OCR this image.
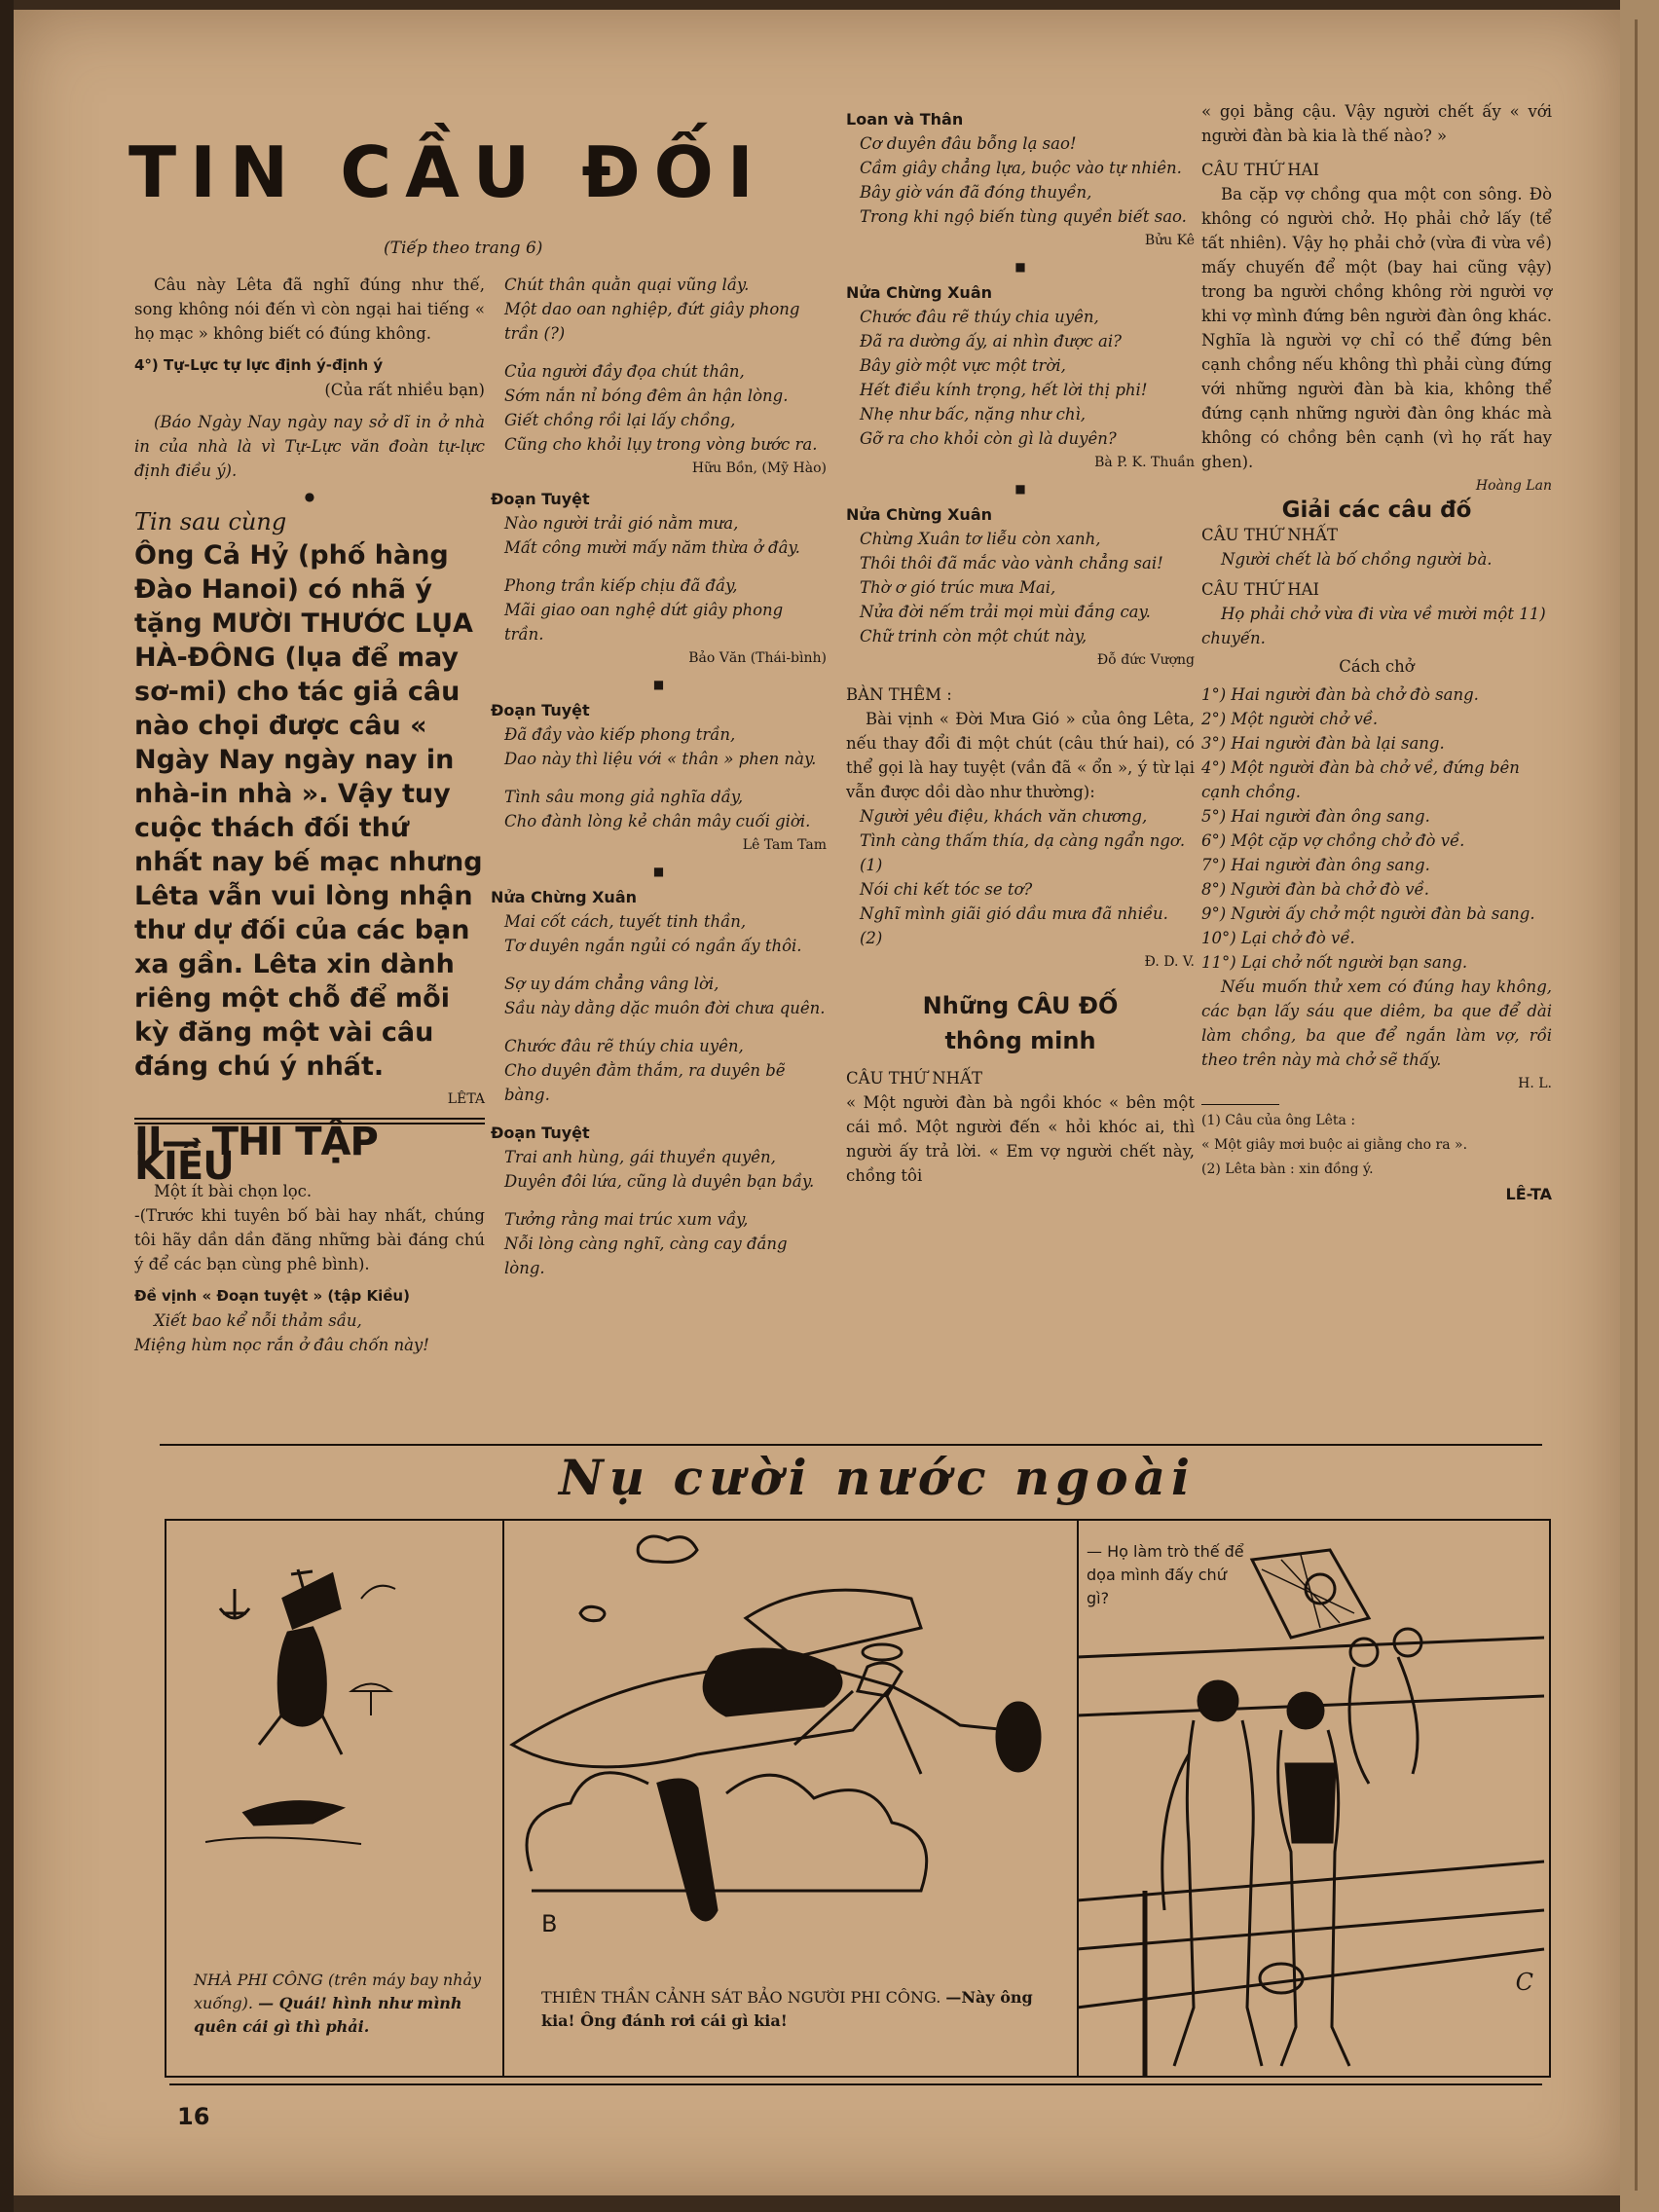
TIN CẦU ĐỐI
(Tiếp theo trang 6)

Câu này Lêta đã nghĩ đúng như thế, song không nói đến vì còn ngại hai tiếng « họ mạc » không biết có đúng không.

4°) Tự-Lực tự lực định ý-định ý

(Của rất nhiều bạn)

(Báo Ngày Nay ngày nay sở dĩ in ở nhà in của nhà là vì Tự-Lực văn đoàn tự-lực định điều ý).

●

Tin sau cùng

Ông Cả Hỷ (phố hàng Đào Hanoi) có nhã ý tặng MƯỜI THƯỚC LỤA HÀ-ĐÔNG (lụa để may sơ-mi) cho tác giả câu nào chọi được câu « Ngày Nay ngày nay in nhà-in nhà ». Vậy tuy cuộc thách đối thứ nhất nay bế mạc nhưng Lêta vẫn vui lòng nhận thư dự đối của các bạn xa gần. Lêta xin dành riêng một chỗ để mỗi kỳ đăng một vài câu đáng chú ý nhất.

LÊTA

II— THI TẬP KIỀU

Một ít bài chọn lọc.

-(Trước khi tuyên bố bài hay nhất, chúng tôi hãy dần dần đăng những bài đáng chú ý để các bạn cùng phê bình).

Đề vịnh « Đoạn tuyệt » (tập Kiều)

Xiết bao kể nỗi thảm sầu,

Miệng hùm nọc rắn ở đâu chốn này!

Chút thân quằn quại vũng lầy.

Một dao oan nghiệp, đứt giây phong trần (?)

Của người đầy đọa chút thân,

Sớm nắn nỉ bóng đêm ân hận lòng.

Giết chồng rồi lại lấy chồng,

Cũng cho khỏi lụy trong vòng bước ra.

Hữu Bồn, (Mỹ Hào)

Đoạn Tuyệt

Nào người trải gió nằm mưa,

Mất công mười mấy năm thừa ở đây.

Phong trần kiếp chịu đã đầy,

Mãi giao oan nghệ dứt giây phong trần.

Bảo Văn (Thái-bình)

■

Đoạn Tuyệt

Đã đầy vào kiếp phong trần,

Dao này thì liệu với « thân » phen này.

Tình sâu mong giả nghĩa dầy,

Cho đành lòng kẻ chân mây cuối giời.

Lê Tam Tam

■

Nửa Chừng Xuân

Mai cốt cách, tuyết tinh thần,

Tơ duyên ngắn ngủi có ngần ấy thôi.

Sợ uy dám chẳng vâng lời,

Sầu này dằng dặc muôn đời chưa quên.

Chước đâu rẽ thúy chia uyên,

Cho duyên đằm thắm, ra duyên bẽ bàng.

Đoạn Tuyệt

Trai anh hùng, gái thuyền quyên,

Duyên đôi lứa, cũng là duyên bạn bầy.

Tưởng rằng mai trúc xum vầy,

Nỗi lòng càng nghĩ, càng cay đắng lòng.

Loan và Thân

Cơ duyên đâu bỗng lạ sao!

Cầm giây chẳng lựa, buộc vào tự nhiên.

Bây giờ ván đã đóng thuyền,

Trong khi ngộ biến tùng quyền biết sao.

Bửu Kê

■

Nửa Chừng Xuân

Chước đâu rẽ thúy chia uyên,

Đã ra dường ấy, ai nhìn được ai?

Bây giờ một vực một trời,

Hết điều kính trọng, hết lời thị phi!

Nhẹ như bấc, nặng như chì,

Gỡ ra cho khỏi còn gì là duyên?

Bà P. K. Thuần

■

Nửa Chừng Xuân

Chừng Xuân tơ liễu còn xanh,

Thôi thôi đã mắc vào vành chẳng sai!

Thờ ơ gió trúc mưa Mai,

Nửa đời nếm trải mọi mùi đắng cay.

Chữ trinh còn một chút này,

Đỗ đức Vượng

BÀN THÊM :

Bài vịnh « Đời Mưa Gió » của ông Lêta, nếu thay đổi đi một chút (câu thứ hai), có thể gọi là hay tuyệt (vần đã « ổn », ý từ lại vẫn được dồi dào như thường):

Người yêu điệu, khách văn chương,

Tình càng thấm thía, dạ càng ngẩn ngơ. (1)

Nói chi kết tóc se tơ?

Nghĩ mình giãi gió dầu mưa đã nhiều. (2)

Đ. D. V.

Những CÂU ĐỐ
thông minh

CÂU THỨ NHẤT

« Một người đàn bà ngồi khóc « bên một cái mồ. Một người đến « hỏi khóc ai, thì người ấy trả lời. « Em vợ người chết này, chồng tôi

« gọi bằng cậu. Vậy người chết ấy « với người đàn bà kia là thế nào? »

CÂU THỨ HAI

Ba cặp vợ chồng qua một con sông. Đò không có người chở. Họ phải chở lấy (tể tất nhiên). Vậy họ phải chở (vừa đi vừa về) mấy chuyến để một (bay hai cũng vậy) trong ba người chồng không rời người vợ khi vợ mình đứng bên người đàn ông khác. Nghĩa là người vợ chỉ có thể đứng bên cạnh chồng nếu không thì phải cùng đứng với những người đàn bà kia, không thể đứng cạnh những người đàn ông khác mà không có chồng bên cạnh (vì họ rất hay ghen).

Hoàng Lan

Giải các câu đố

CÂU THỨ NHẤT

Người chết là bố chồng người bà.

CÂU THỨ HAI

Họ phải chở vừa đi vừa về mười một 11) chuyến.

Cách chở

1°) Hai người đàn bà chở đò sang.

2°) Một người chở về.

3°) Hai người đàn bà lại sang.

4°) Một người đàn bà chở về, đứng bên cạnh chồng.

5°) Hai người đàn ông sang.

6°) Một cặp vợ chồng chở đò về.

7°) Hai người đàn ông sang.

8°) Người đàn bà chở đò về.

9°) Người ấy chở một người đàn bà sang.

10°) Lại chở đò về.

11°) Lại chở nốt người bạn sang.

Nếu muốn thử xem có đúng hay không, các bạn lấy sáu que diêm, ba que để dài làm chồng, ba que để ngắn làm vợ, rồi theo trên này mà chở sẽ thấy.

H. L.

(1) Câu của ông Lêta :

« Một giây mơi buộc ai giằng cho ra ».

(2) Lêta bàn : xin đồng ý.

LÊ-TA

Nụ cười nước ngoài
NHÀ PHI CÔNG (trên máy bay nhảy xuống). — Quái! hình như mình quên cái gì thì phải.
B
THIÊN THẦN CẢNH SÁT BẢO NGƯỜI PHI CÔNG. —Này ông kia! Ông đánh rơi cái gì kia!
— Họ làm trò thế để dọa mình đấy chứ gì?
C
16
